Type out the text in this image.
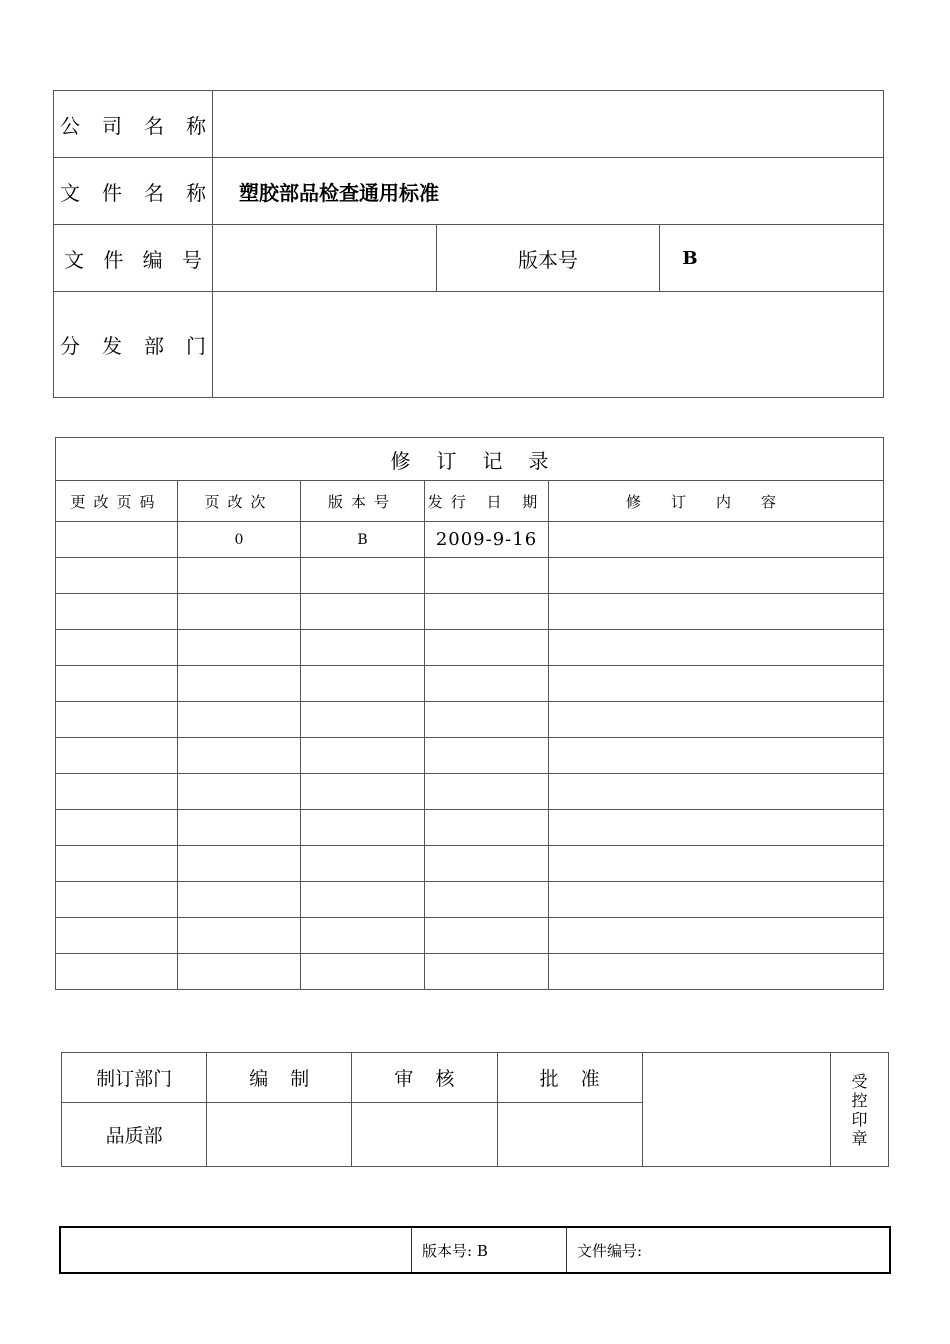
公 司 名 称			

文 件 名 称	塑胶部品检查通用标准		

文 件 编 号		版本号	B

分 发 部 门			

修订记录				
更改页码	页改次	版本号	发行 日 期	修订内容
	0	B	2009-9-16	

制订部门	编制	审核	批准		受控印章
品质部					
	版本号: B	文件编号:
